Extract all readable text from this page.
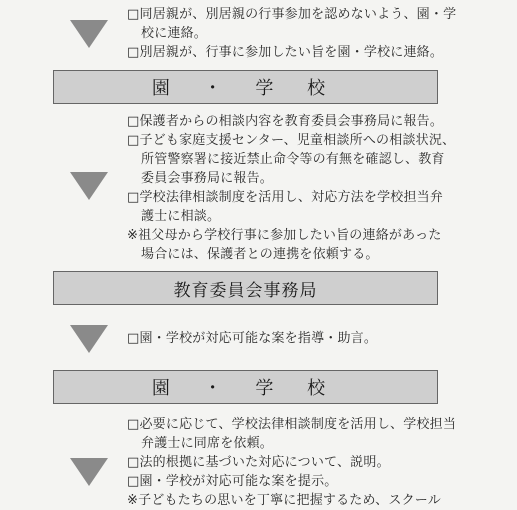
□同居親が、別居親の行事参加を認めないよう、園・学
校に連絡。
□別居親が、行事に参加したい旨を園・学校に連絡。
園 ・ 学 校
□保護者からの相談内容を教育委員会事務局に報告。
□子ども家庭支援センター、児童相談所への相談状況、
所管警察署に接近禁止命令等の有無を確認し、教育
委員会事務局に報告。
□学校法律相談制度を活用し、対応方法を学校担当弁
護士に相談。
※祖父母から学校行事に参加したい旨の連絡があった
場合には、保護者との連携を依頼する。
教育委員会事務局
□園・学校が対応可能な案を指導・助言。
園 ・ 学 校
□必要に応じて、学校法律相談制度を活用し、学校担当
弁護士に同席を依頼。
□法的根拠に基づいた対応について、説明。
□園・学校が対応可能な案を提示。
※子どもたちの思いを丁寧に把握するため、スクール
